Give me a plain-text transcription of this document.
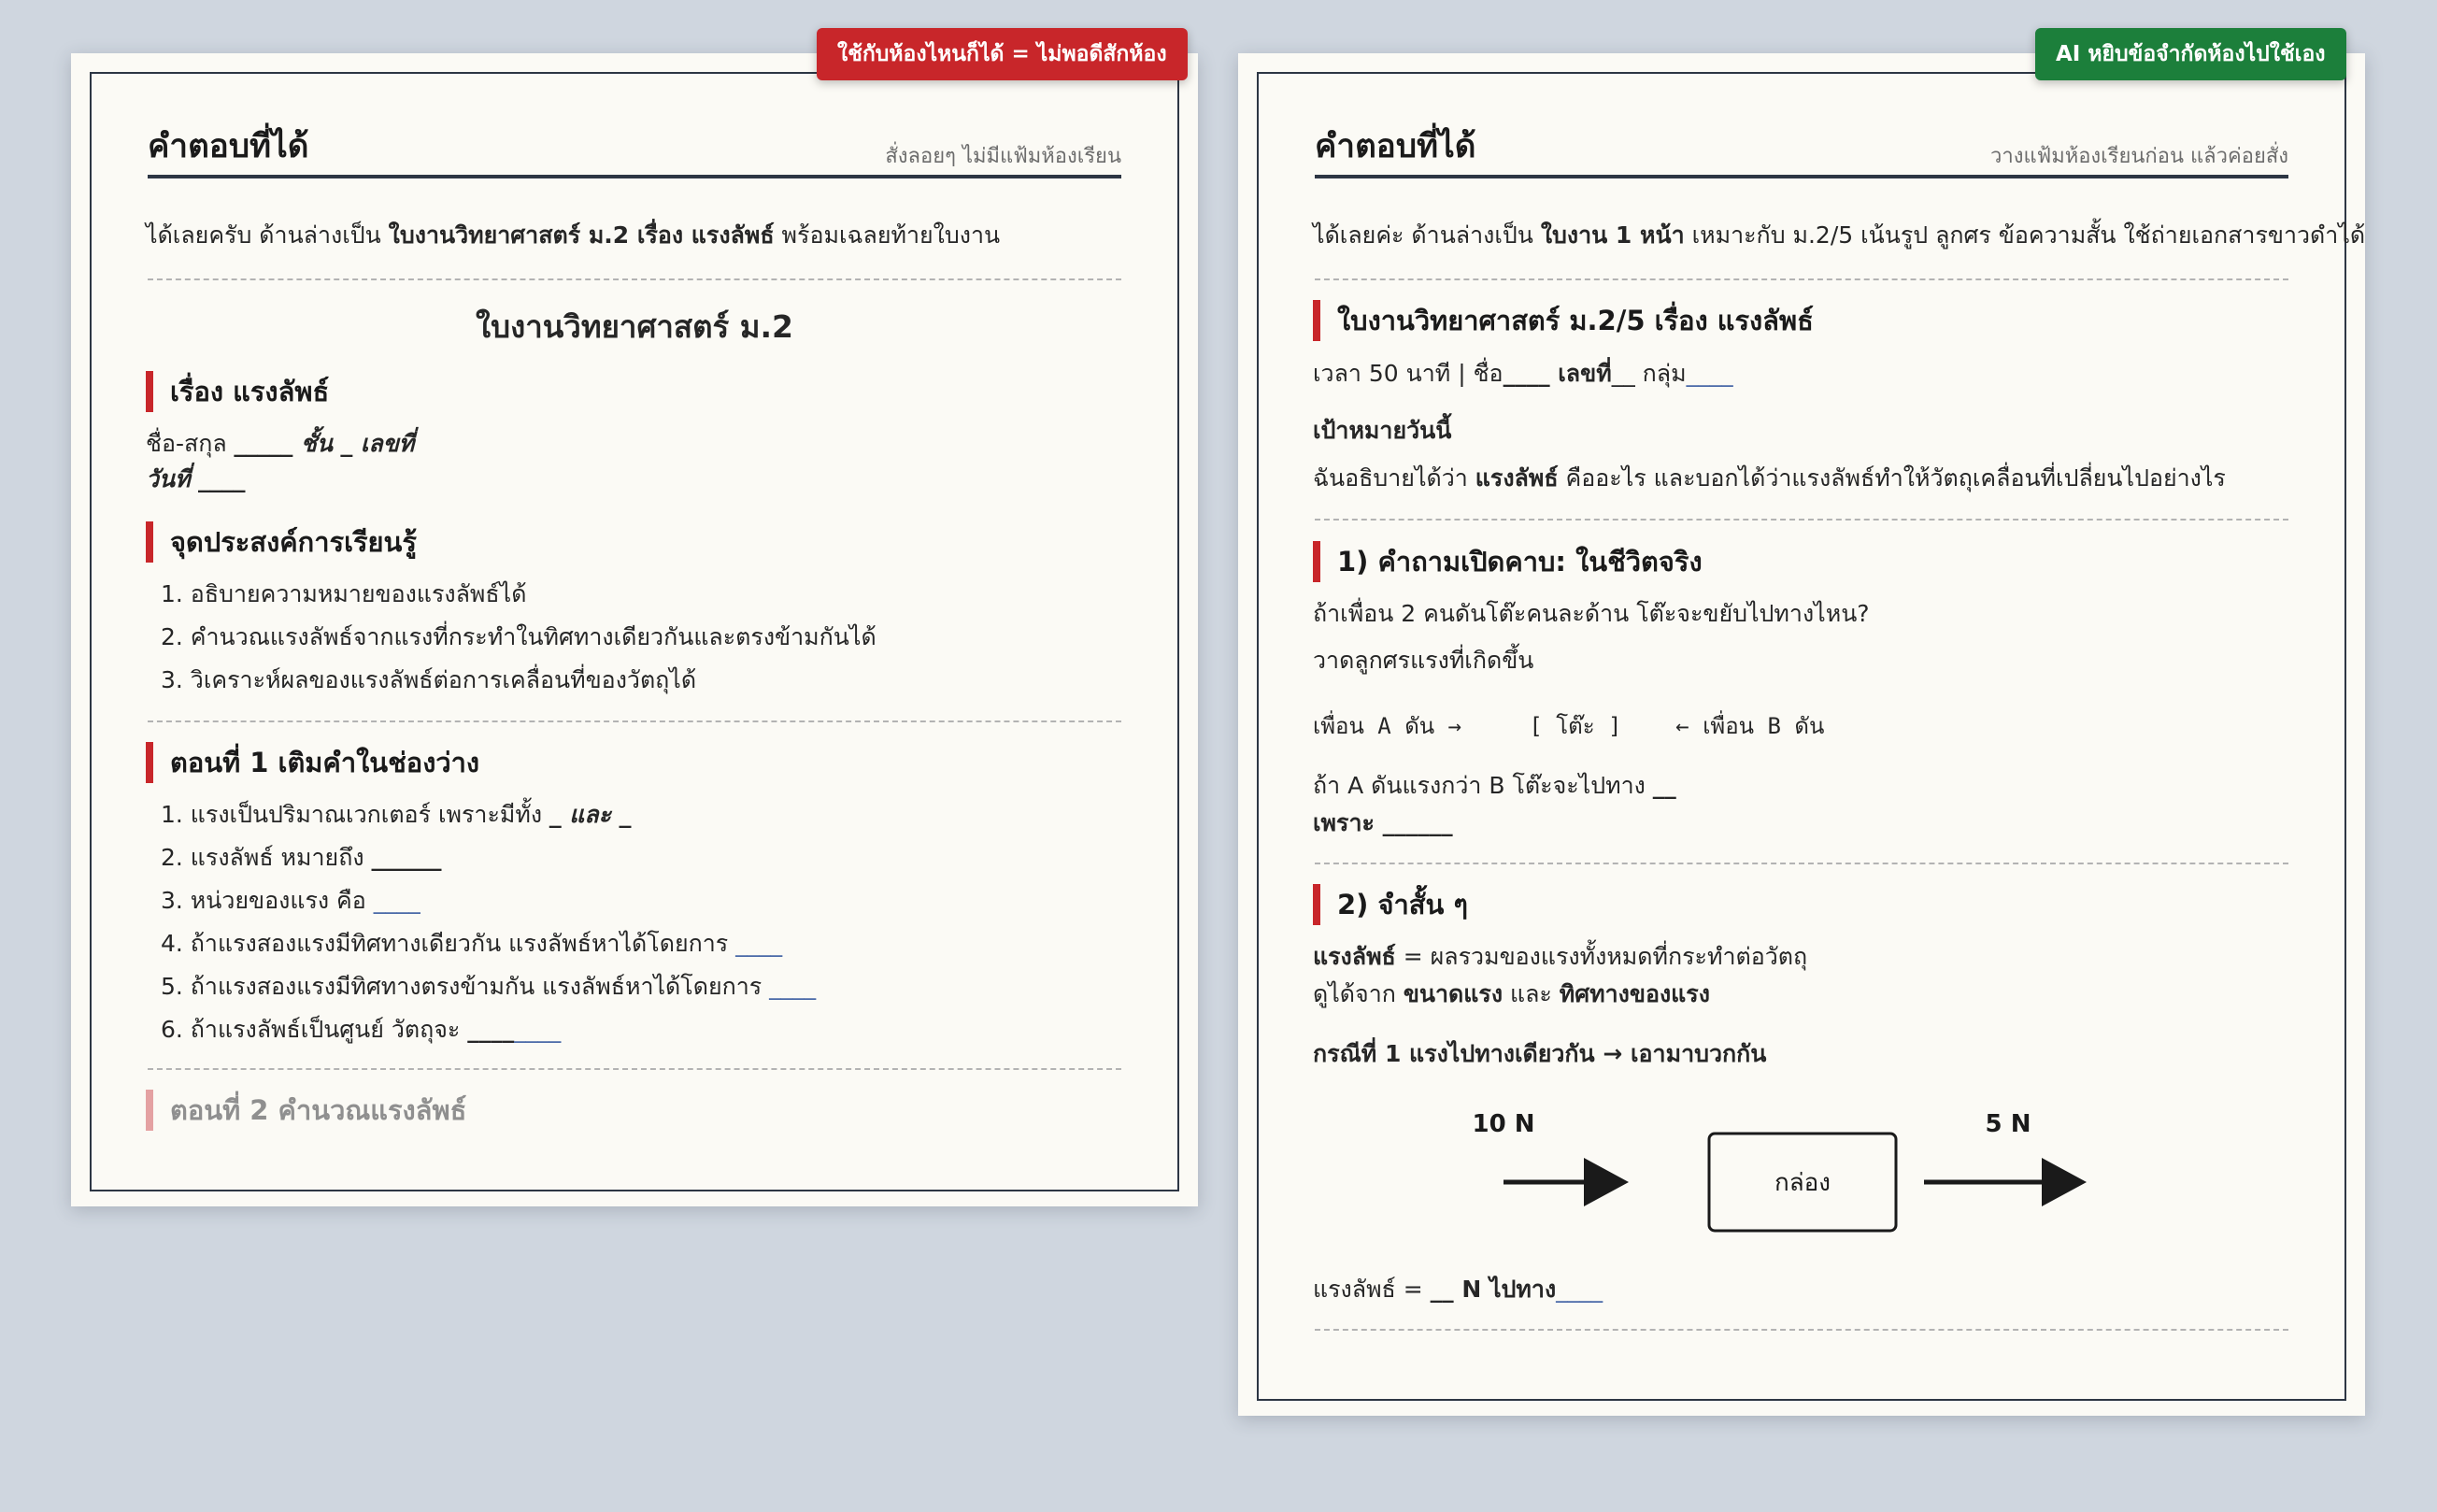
คำตอบที่ได้	สั่งลอยๆ ไม่มีแฟ้มห้องเรียน
ได้เลยครับ ด้านล่างเป็น ใบงานวิทยาศาสตร์ ม.2 เรื่อง แรงลัพธ์ พร้อมเฉลยท้ายใบงาน
ใบงานวิทยาศาสตร์ ม.2
เรื่อง แรงลัพธ์
ชื่อ-สกุล _____ ชั้น _ เลขที่
วันที่ ____
จุดประสงค์การเรียนรู้
1. อธิบายความหมายของแรงลัพธ์ได้
2. คำนวณแรงลัพธ์จากแรงที่กระทำในทิศทางเดียวกันและตรงข้ามกันได้
3. วิเคราะห์ผลของแรงลัพธ์ต่อการเคลื่อนที่ของวัตถุได้
ตอนที่ 1 เติมคำในช่องว่าง
1. แรงเป็นปริมาณเวกเตอร์ เพราะมีทั้ง _ และ _
2. แรงลัพธ์ หมายถึง ______
3. หน่วยของแรง คือ ____
4. ถ้าแรงสองแรงมีทิศทางเดียวกัน แรงลัพธ์หาได้โดยการ ____
5. ถ้าแรงสองแรงมีทิศทางตรงข้ามกัน แรงลัพธ์หาได้โดยการ ____
6. ถ้าแรงลัพธ์เป็นศูนย์ วัตถุจะ ________
ตอนที่ 2 คำนวณแรงลัพธ์
ใช้กับห้องไหนก็ได้ = ไม่พอดีสักห้อง
คำตอบที่ได้	วางแฟ้มห้องเรียนก่อน แล้วค่อยสั่ง
ได้เลยค่ะ ด้านล่างเป็น ใบงาน 1 หน้า เหมาะกับ ม.2/5 เน้นรูป ลูกศร ข้อความสั้น ใช้ถ่ายเอกสารขาวดำได้
ใบงานวิทยาศาสตร์ ม.2/5 เรื่อง แรงลัพธ์
เวลา 50 นาที | ชื่อ____ เลขที่__ กลุ่ม____
เป้าหมายวันนี้
ฉันอธิบายได้ว่า แรงลัพธ์ คืออะไร และบอกได้ว่าแรงลัพธ์ทำให้วัตถุเคลื่อนที่เปลี่ยนไปอย่างไร
1) คำถามเปิดคาบ: ในชีวิตจริง
ถ้าเพื่อน 2 คนดันโต๊ะคนละด้าน โต๊ะจะขยับไปทางไหน?
วาดลูกศรแรงที่เกิดขึ้น
เพื่อน A ดัน →     [ โต๊ะ ]    ← เพื่อน B ดัน
ถ้า A ดันแรงกว่า B โต๊ะจะไปทาง __
เพราะ ______
2) จำสั้น ๆ
แรงลัพธ์ = ผลรวมของแรงทั้งหมดที่กระทำต่อวัตถุ
ดูได้จาก ขนาดแรง และ ทิศทางของแรง
กรณีที่ 1 แรงไปทางเดียวกัน → เอามาบวกกัน
10 N
กล่อง
5 N
แรงลัพธ์ = __ N ไปทาง____
AI หยิบข้อจำกัดห้องไปใช้เอง
